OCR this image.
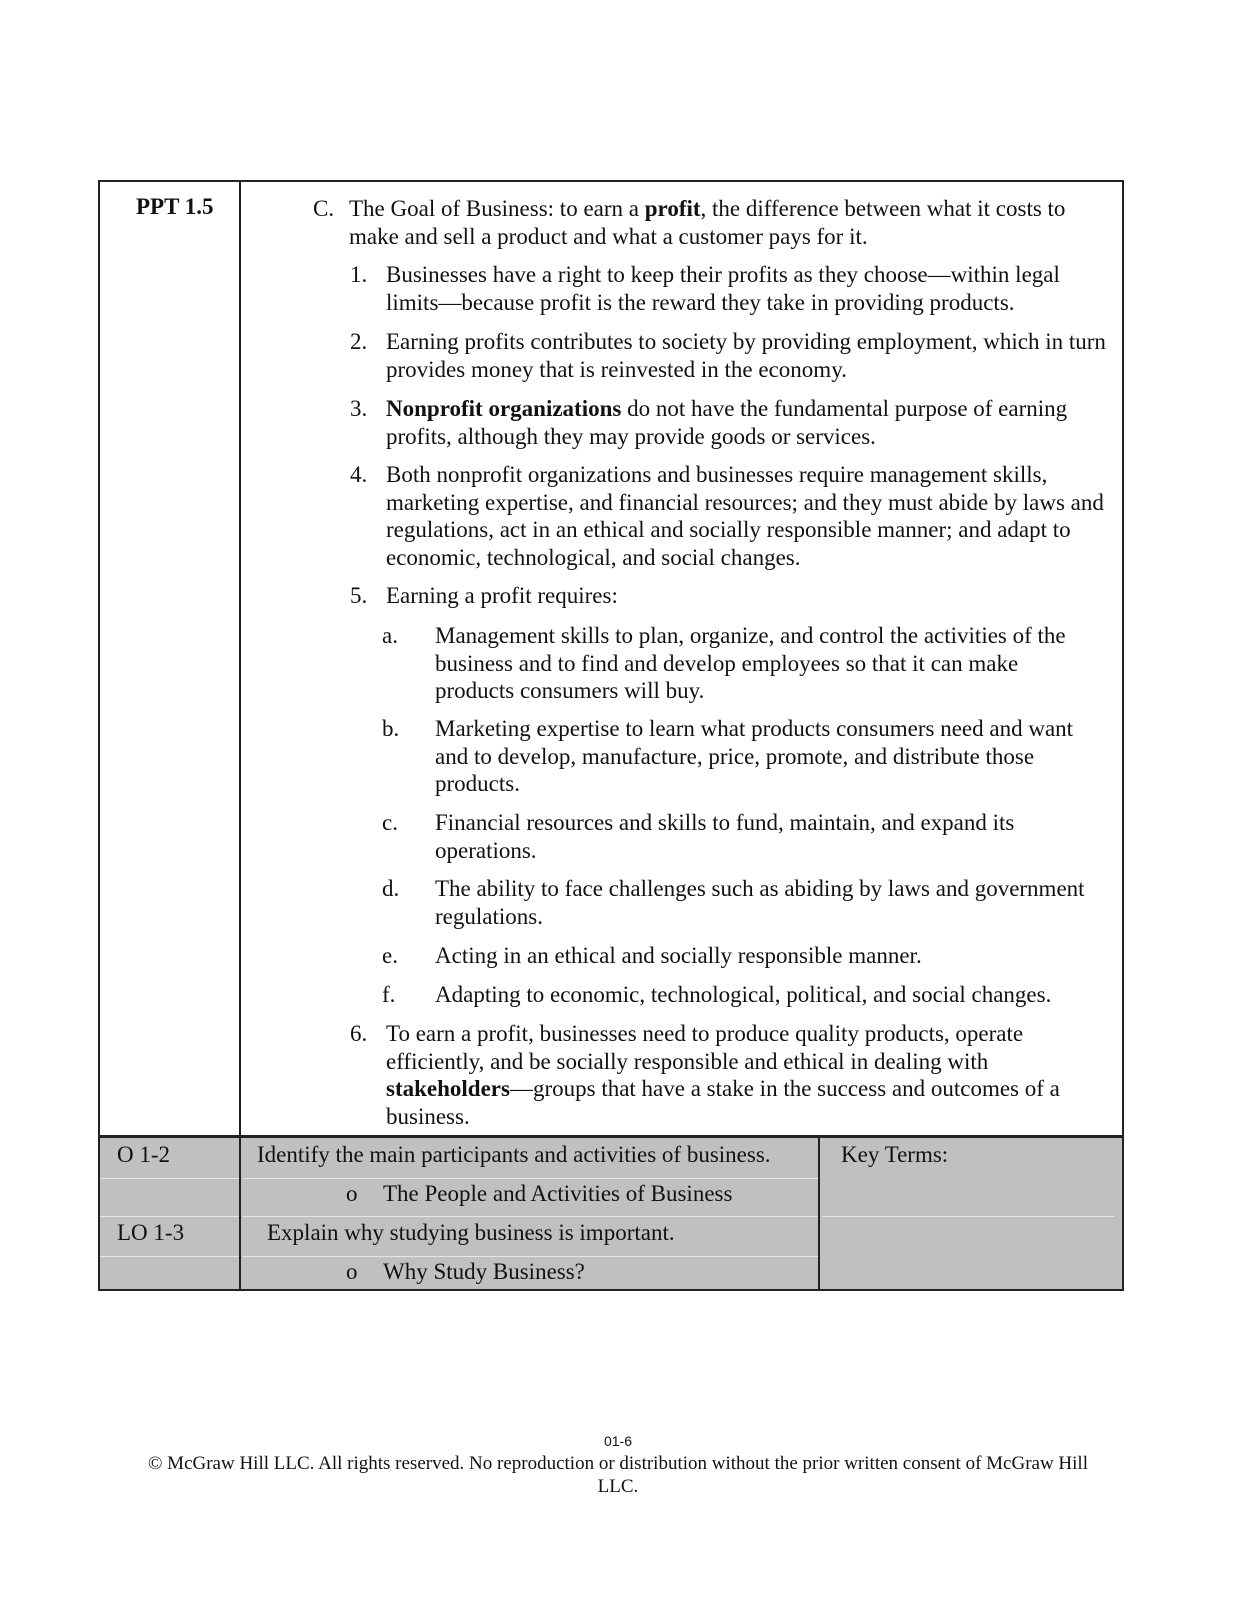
PPT 1.5	C. The Goal of Business: to earn a profit, the difference between what it costs to make and sell a product and what a customer pays for it.
1. Businesses have a right to keep their profits as they choose—within legal limits—because profit is the reward they take in providing products.
2. Earning profits contributes to society by providing employment, which in turn provides money that is reinvested in the economy.
3. Nonprofit organizations do not have the fundamental purpose of earning profits, although they may provide goods or services.
4. Both nonprofit organizations and businesses require management skills, marketing expertise, and financial resources; and they must abide by laws and regulations, act in an ethical and socially responsible manner; and adapt to economic, technological, and social changes.
5. Earning a profit requires:
a. Management skills to plan, organize, and control the activities of the business and to find and develop employees so that it can make products consumers will buy.
b. Marketing expertise to learn what products consumers need and want and to develop, manufacture, price, promote, and distribute those products.
c. Financial resources and skills to fund, maintain, and expand its operations.
d. The ability to face challenges such as abiding by laws and government regulations.
e. Acting in an ethical and socially responsible manner.
f. Adapting to economic, technological, political, and social changes.
6. To earn a profit, businesses need to produce quality products, operate efficiently, and be socially responsible and ethical in dealing with stakeholders—groups that have a stake in the success and outcomes of a business.
O 1-2
LO 1-3
Identify the main participants and activities of business.
o The People and Activities of Business
Explain why studying business is important.
o Why Study Business?
Key Terms:
01-6
© McGraw Hill LLC. All rights reserved. No reproduction or distribution without the prior written consent of McGraw Hill LLC.
